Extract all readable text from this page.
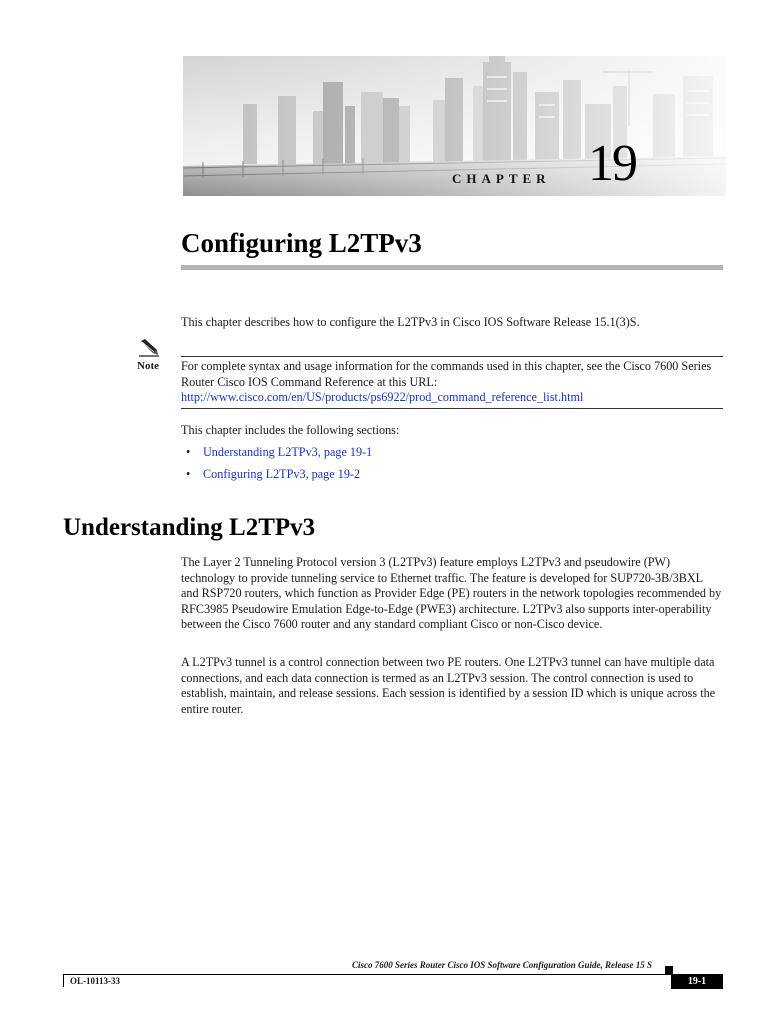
CHAPTER 19
Configuring L2TPv3

This chapter describes how to configure the L2TPv3 in Cisco IOS Software Release 15.1(3)S.

Note For complete syntax and usage information for the commands used in this chapter, see the Cisco 7600 Series Router Cisco IOS Command Reference at this URL:
http://www.cisco.com/en/US/products/ps6922/prod_command_reference_list.html

This chapter includes the following sections:

• Understanding L2TPv3, page 19-1
• Configuring L2TPv3, page 19-2
Understanding L2TPv3

The Layer 2 Tunneling Protocol version 3 (L2TPv3) feature employs L2TPv3 and pseudowire (PW) technology to provide tunneling service to Ethernet traffic. The feature is developed for SUP720-3B/3BXL and RSP720 routers, which function as Provider Edge (PE) routers in the network topologies recommended by RFC3985 Pseudowire Emulation Edge-to-Edge (PWE3) architecture. L2TPv3 also supports inter-operability between the Cisco 7600 router and any standard compliant Cisco or non-Cisco device.

A L2TPv3 tunnel is a control connection between two PE routers. One L2TPv3 tunnel can have multiple data connections, and each data connection is termed as an L2TPv3 session. The control connection is used to establish, maintain, and release sessions. Each session is identified by a session ID which is unique across the entire router.

Cisco 7600 Series Router Cisco IOS Software Configuration Guide, Release 15 S
OL-10113-33	19-1
